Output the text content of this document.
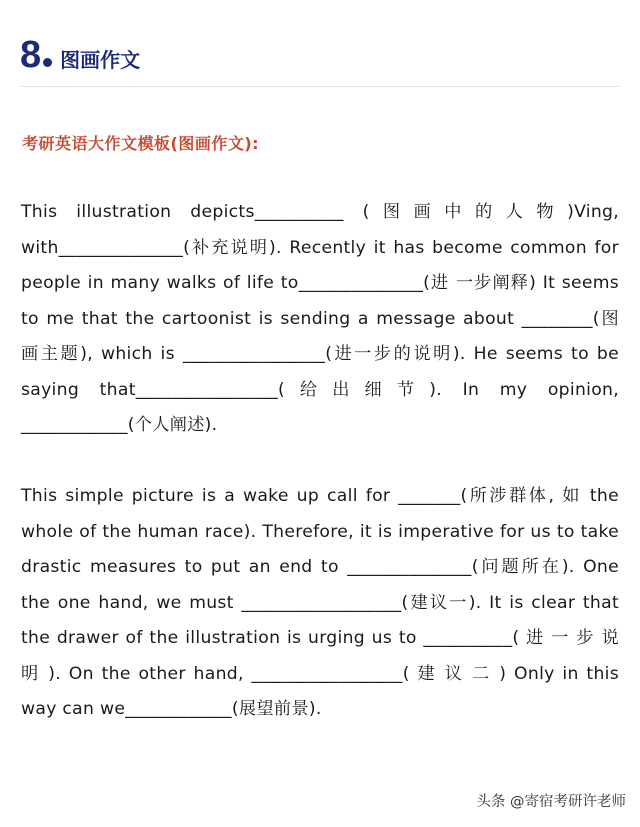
8 图画作文
考研英语大作文模板(图画作文):

This illustration depicts__________ (图画中的人物)Ving, with______________(补充说明). Recently it has become common for people in many walks of life to______________(进 一步阐释) It seems to me that the cartoonist is sending a message about ________(图 画主题), which is ________________(进一步的说明). He seems to be saying that________________(给出细节). In my opinion, ____________(个人阐述).

This simple picture is a wake up call for _______(所涉群体, 如 the whole of the human race). Therefore, it is imperative for us to take drastic measures to put an end to ______________(问题所在). One the one hand, we must __________________(建议一). It is clear that the drawer of the illustration is urging us to __________( 进 一 步 说 明 ). On the other hand, _________________( 建 议 二 ) Only in this way can we____________(展望前景).

头条 @寄宿考研许老师
